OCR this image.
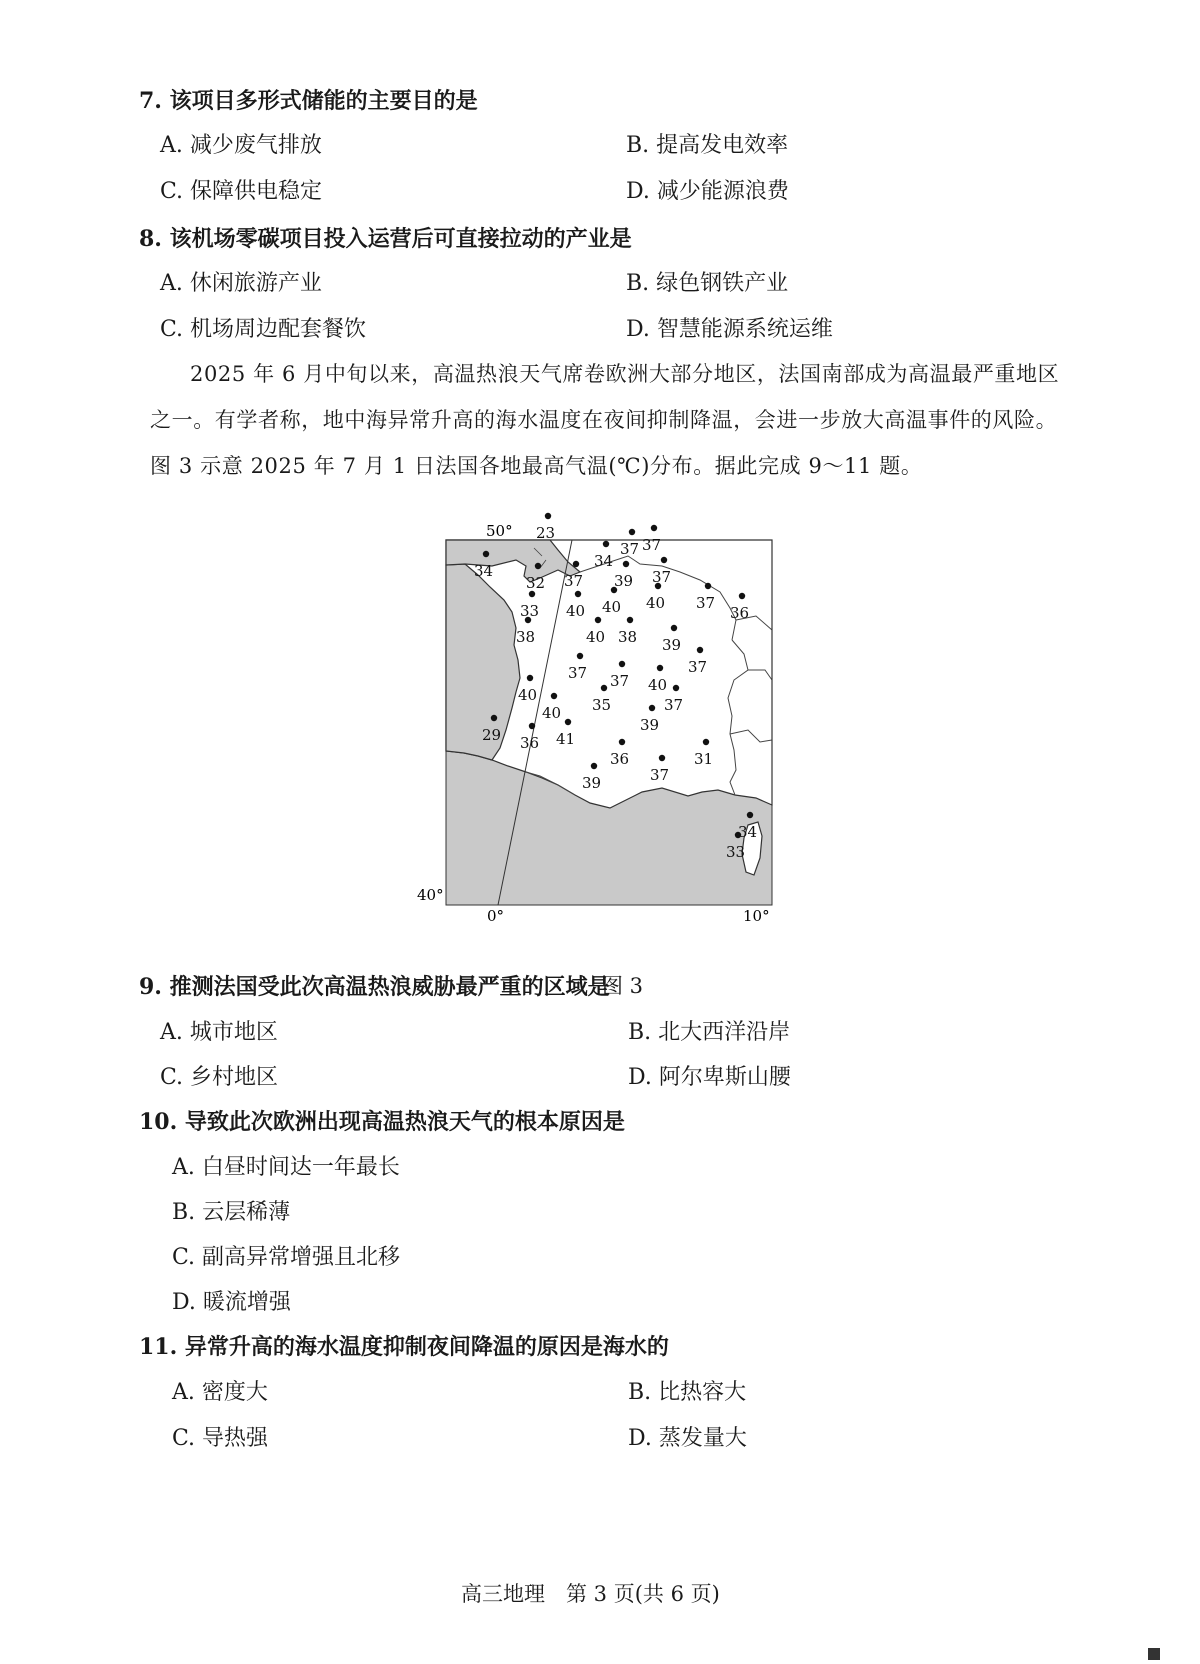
7. 该项目多形式储能的主要目的是
A. 减少废气排放	B. 提高发电效率
C. 保障供电稳定	D. 减少能源浪费
8. 该机场零碳项目投入运营后可直接拉动的产业是
A. 休闲旅游产业	B. 绿色钢铁产业
C. 机场周边配套餐饮	D. 智慧能源系统运维
2025 年 6 月中旬以来，高温热浪天气席卷欧洲大部分地区，法国南部成为高温最严重地区
之一。有学者称，地中海异常升高的海水温度在夜间抑制降温，会进一步放大高温事件的风险。
图 3 示意 2025 年 7 月 1 日法国各地最高气温(℃)分布。据此完成 9～11 题。
23
34
34
37 37
32 37 39 37
33 40 40 40 37
36
38	40 38 39
37
37 37 40
40 35
40
37
29
39
36 41
36
37
31
39
34
33
50°
40°
0°	10°
图 3
9. 推测法国受此次高温热浪威胁最严重的区域是
A. 城市地区	B. 北大西洋沿岸
C. 乡村地区	D. 阿尔卑斯山腰
10. 导致此次欧洲出现高温热浪天气的根本原因是
A. 白昼时间达一年最长
B. 云层稀薄
C. 副高异常增强且北移
D. 暖流增强
11. 异常升高的海水温度抑制夜间降温的原因是海水的
A. 密度大	B. 比热容大
C. 导热强	D. 蒸发量大
高三地理　第 3 页(共 6 页)
